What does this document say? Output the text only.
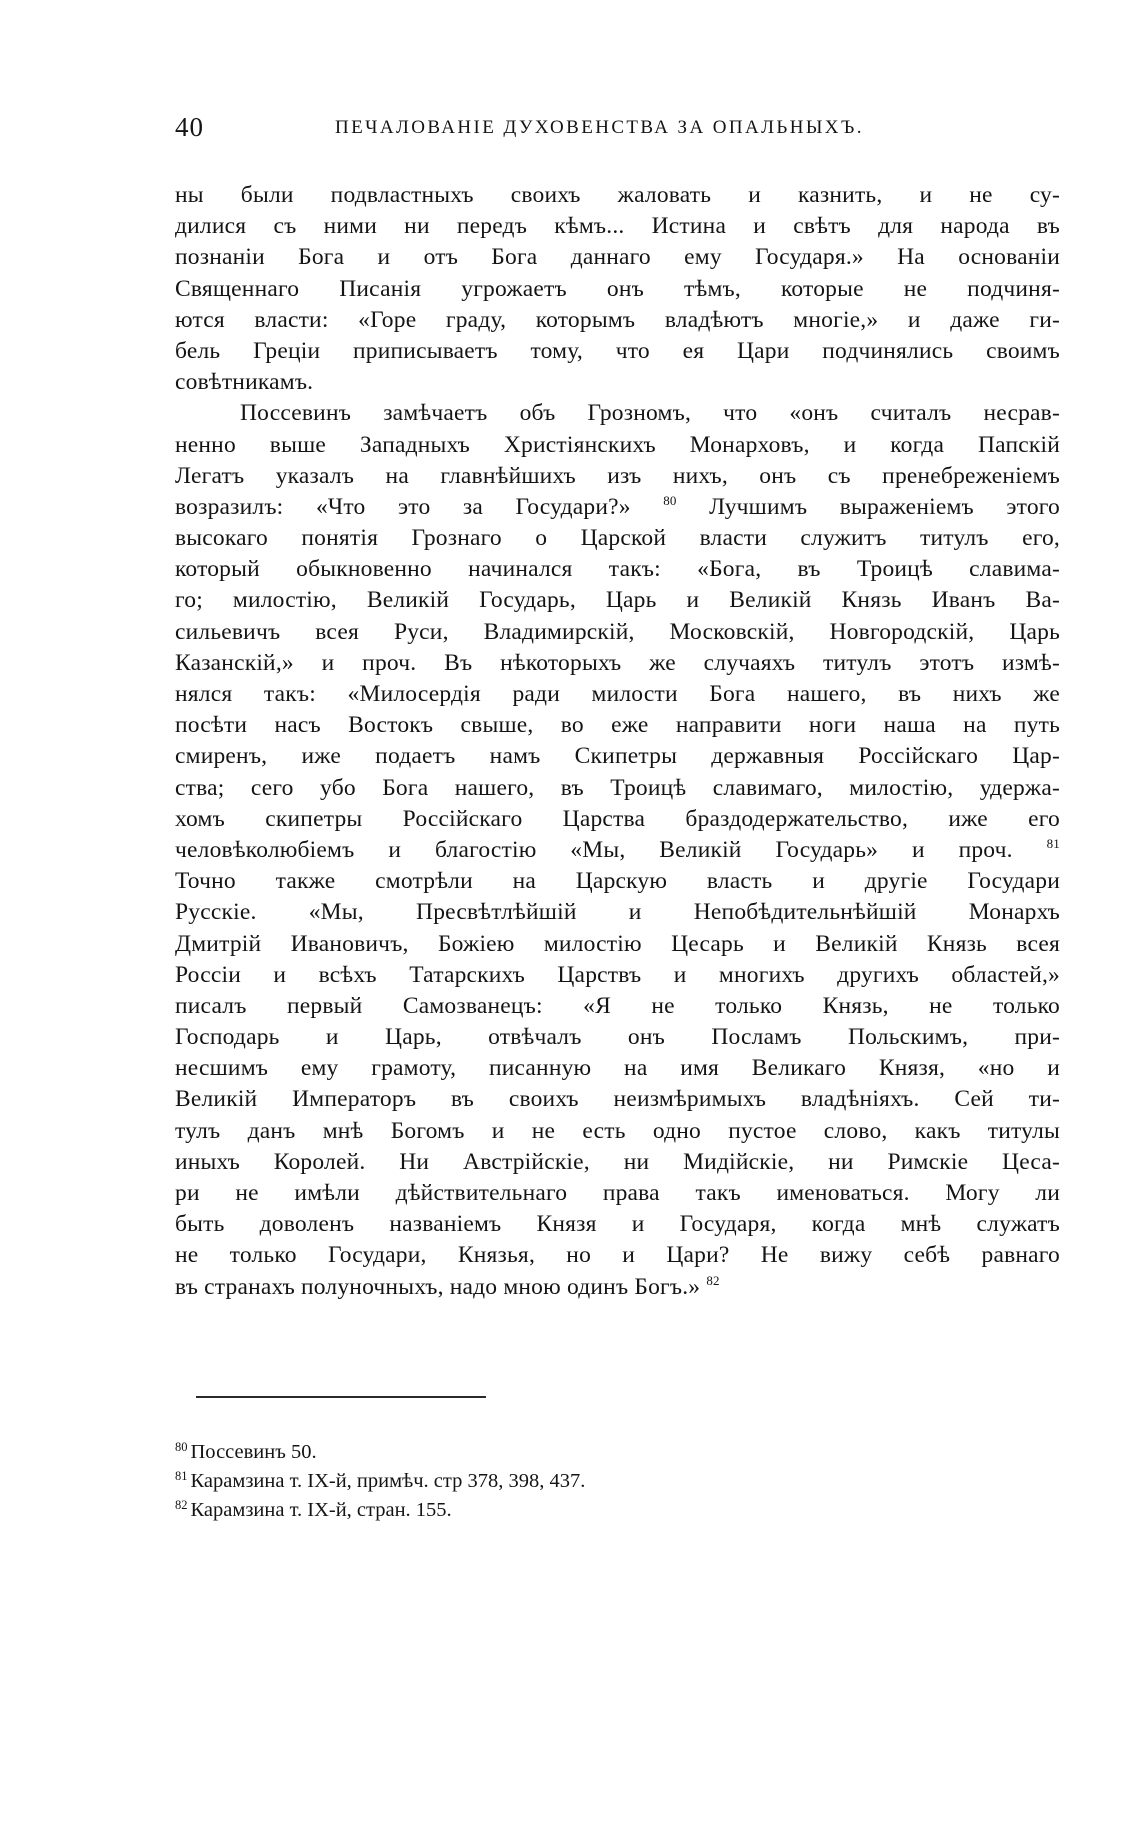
40	ПЕЧАЛОВАНІЕ ДУХОВЕНСТВА ЗА ОПАЛЬНЫХЪ.
ны были подвластныхъ своихъ жаловать и казнить, и не су-
дилися съ ними ни передъ кѣмъ... Истина и свѣтъ для народа въ
познаніи Бога и отъ Бога даннаго ему Государя.» На основаніи
Священнаго Писанія угрожаетъ онъ тѣмъ, которые не подчиня-
ются власти: «Горе граду, которымъ владѣютъ многіе,» и даже ги-
бель Греціи приписываетъ тому, что ея Цари подчинялись своимъ
совѣтникамъ.
Поссевинъ замѣчаетъ объ Грозномъ, что «онъ считалъ несрав-
ненно выше Западныхъ Христіянскихъ Монарховъ, и когда Папскій
Легатъ указалъ на главнѣйшихъ изъ нихъ, онъ съ пренебреженіемъ
возразилъ: «Что это за Государи?»	$^{80}$ Лучшимъ выраженіемъ этого
высокаго понятія Грознаго о Царской власти служитъ титулъ его,
который обыкновенно начинался такъ: «Бога, въ Троицѣ славима-
го; милостію, Великій Государь, Царь и Великій Князь Иванъ Ва-
сильевичъ всея Руси, Владимирскій, Московскій, Новгородскій, Царь
Казанскій,» и проч. Въ нѣкоторыхъ же случаяхъ титулъ этотъ измѣ-
нялся такъ: «Милосердія ради милости Бога нашего, въ нихъ же
посѣти насъ Востокъ свыше, во еже направити ноги наша на путь
смиренъ, иже подаетъ намъ Скипетры державныя Россійскаго Цар-
ства; сего убо Бога нашего, въ Троицѣ славимаго, милостію, удержа-
хомъ скипетры Россійскаго Царства браздодержательство, иже его
человѣколюбіемъ и благостію «Мы, Великій Государь» и проч.	$^{81}$
Точно также смотрѣли на Царскую власть и другіе Государи
Русскіе. «Мы, Пресвѣтлѣйшій и Непобѣдительнѣйшій Монархъ
Дмитрій Ивановичъ, Божіею милостію Цесарь и Великій Князь всея
Россіи и всѣхъ Татарскихъ Царствъ и многихъ другихъ областей,»
писалъ первый Самозванецъ: «Я не только Князь, не только
Господарь и Царь, отвѣчалъ онъ Посламъ Польскимъ, при-
несшимъ ему грамоту, писанную на имя Великаго Князя, «но и
Великій Императоръ въ своихъ неизмѣримыхъ владѣніяхъ. Сей ти-
тулъ данъ мнѣ Богомъ и не есть одно пустое слово, какъ титулы
иныхъ Королей. Ни Австрійскіе, ни Мидійскіе, ни Римскіе Цеса-
ри не имѣли дѣйствительнаго права такъ именоваться. Могу ли
быть доволенъ названіемъ Князя и Государя, когда мнѣ служатъ
не только Государи, Князья, но и Цари? Не вижу себѣ равнаго
въ странахъ полуночныхъ, надо мною одинъ Богъ.» $^{82}$
$^{80}$ Поссевинъ 50.
$^{81}$ Карамзина т. IX-й, примѣч. стр 378, 398, 437.
$^{82}$ Карамзина т. IX-й, стран. 155.
